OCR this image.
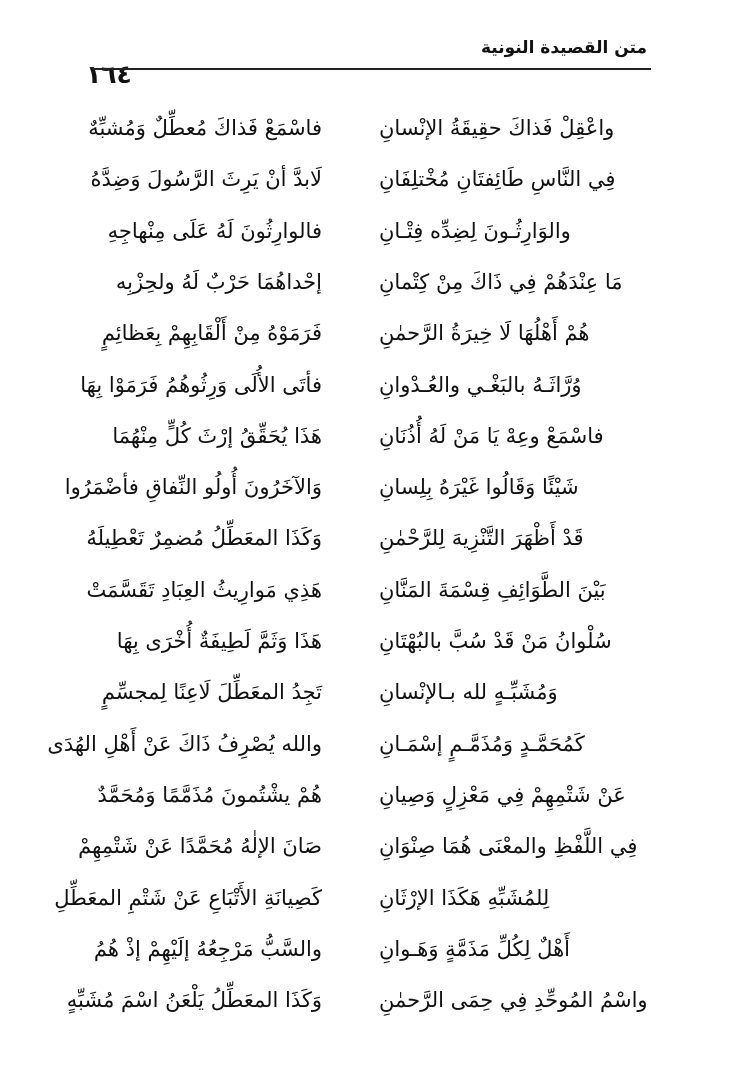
١٦٤
متن القصيدة النونية
فاسْمَعْ فَذاكَ مُعطِّلٌ وَمُشبِّهٌ	واعْقِلْ فَذاكَ حقِيقَةُ الإنْسانِ
لَابدَّ أنْ يَرِثَ الرَّسُولَ وَضِدَّهُ	فِي النَّاسِ طَائِفتَانِ مُخْتلِفَانِ
فالوارِثُونَ لَهُ عَلَى مِنْهاجِهِ	والوَارِثُـونَ لِضِدِّه فِتْـانِ
إحْداهُمَا حَرْبٌ لَهُ ولحِزْبِه	مَا عِنْدَهُمْ فِي ذَاكَ مِنْ كِتْمانِ
فَرَمَوْهُ مِنْ أَلْقَابِهِمْ بِعَظائِمٍ	هُمْ أَهْلُهَا لَا خِيرَةُ الرَّحمٰنِ
فأتَى الأُلَى وَرِثُوهُمُ فَرَمَوْا بِهَا	وُرَّاثَـهُ بالبَغْـي والعُـدْوانِ
هَذَا يُحَقِّقُ إرْثَ كُلٍّ مِنْهُمَا	فاسْمَعْ وعِهْ يَا مَنْ لَهُ أُذُنَانِ
وَالآخَرُونَ أُولُو النِّفاقِ فأضْمَرُوا	شَيْئًا وَقَالُوا غَيْرَهُ بِلِسانِ
وَكَذَا المعَطِّلُ مُضمِرٌ تَعْطِيلَهُ	قَدْ أَظْهَرَ التَّنْزِيهَ لِلرَّحْمٰنِ
هَذِي مَوارِيثُ العِبَادِ تَقَسَّمَتْ	بَيْنَ الطَّوَائِفِ قِسْمَةَ المَنَّانِ
هَذَا وَثَمَّ لَطِيفَةٌ أُخْرَى بِهَا	سُلْوانُ مَنْ قَدْ سُبَّ بالبُهْتَانِ
تَجِدُ المعَطِّلَ لَاعِنًا لِمجسِّمٍ	وَمُشَبِّـهٍ لله بـالإنْسانِ
والله يُصْرِفُ ذَاكَ عَنْ أَهْلِ الهُدَى	كَمُحَمَّـدٍ وَمُذَمَّـمٍ إسْمَـانِ
هُمْ يشْتُمونَ مُذَمَّمًا وَمُحَمَّدٌ	عَنْ شَتْمِهِمْ فِي مَعْزِلٍ وَصِيانِ
صَانَ الإلٰهُ مُحَمَّدًا عَنْ شَتْمِهِمْ	فِي اللَّفْظِ والمعْنَى هُمَا صِنْوَانِ
كَصِيانَةِ الأَتْبَاعِ عَنْ شَتْمِ المعَطِّلِ	لِلمُشَبِّهِ هَكَذَا الإرْثَانِ
والسَّبُّ مَرْجِعُهُ إلَيْهِمْ إذْ هُمُ	أَهْلٌ لِكُلِّ مَذَمَّةٍ وَهَـوانِ
وَكَذَا المعَطِّلُ يَلْعَنُ اسْمَ مُشَبِّهٍ	واسْمُ المُوحِّدِ فِي حِمَى الرَّحمٰنِ
